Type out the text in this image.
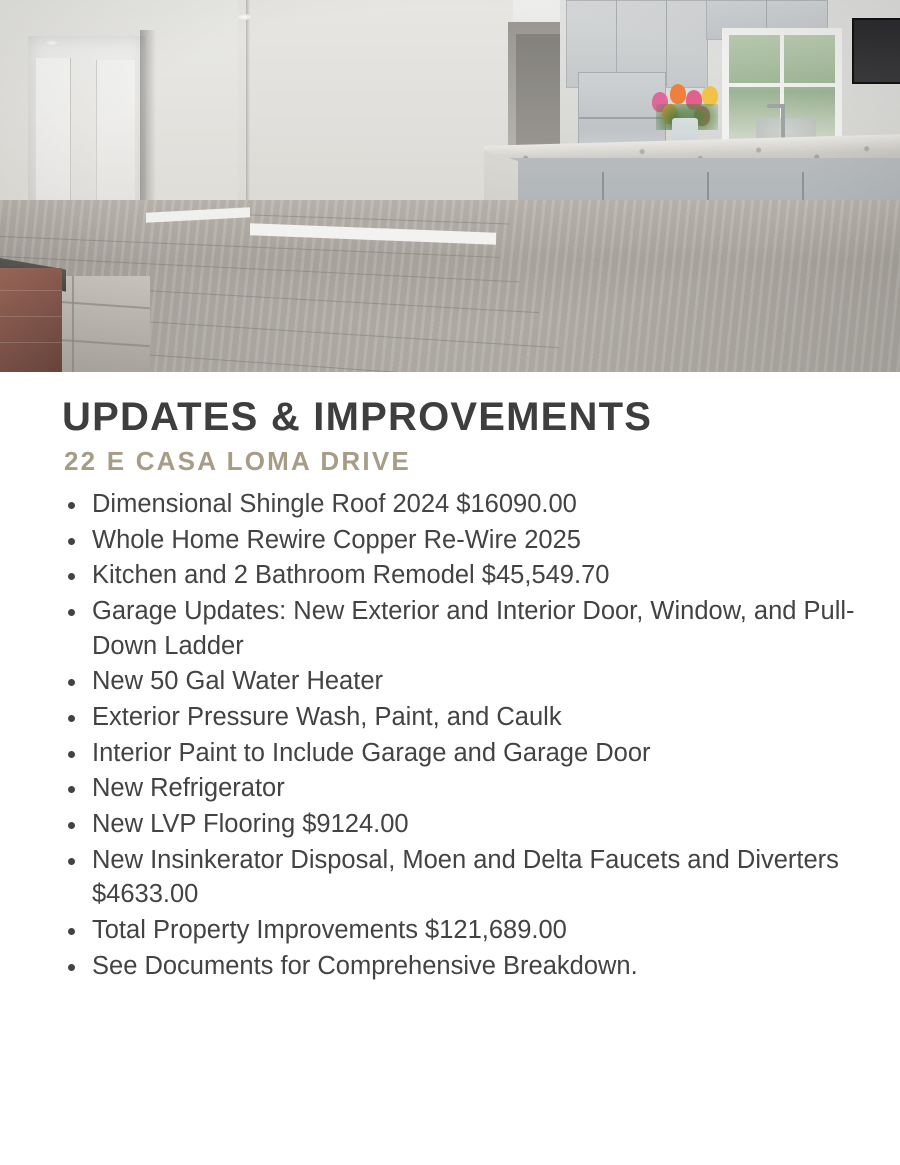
UPDATES & IMPROVEMENTS
22 E CASA LOMA DRIVE
Dimensional Shingle Roof 2024 $16090.00
Whole Home Rewire Copper Re-Wire 2025
Kitchen and 2 Bathroom Remodel $45,549.70
Garage Updates: New Exterior and Interior Door, Window, and Pull-Down Ladder
New 50 Gal Water Heater
Exterior Pressure Wash, Paint, and Caulk
Interior Paint to Include Garage and Garage Door
New Refrigerator
New LVP Flooring $9124.00
New Insinkerator Disposal, Moen and Delta Faucets and Diverters $4633.00
Total Property Improvements $121,689.00
See Documents for Comprehensive Breakdown.
